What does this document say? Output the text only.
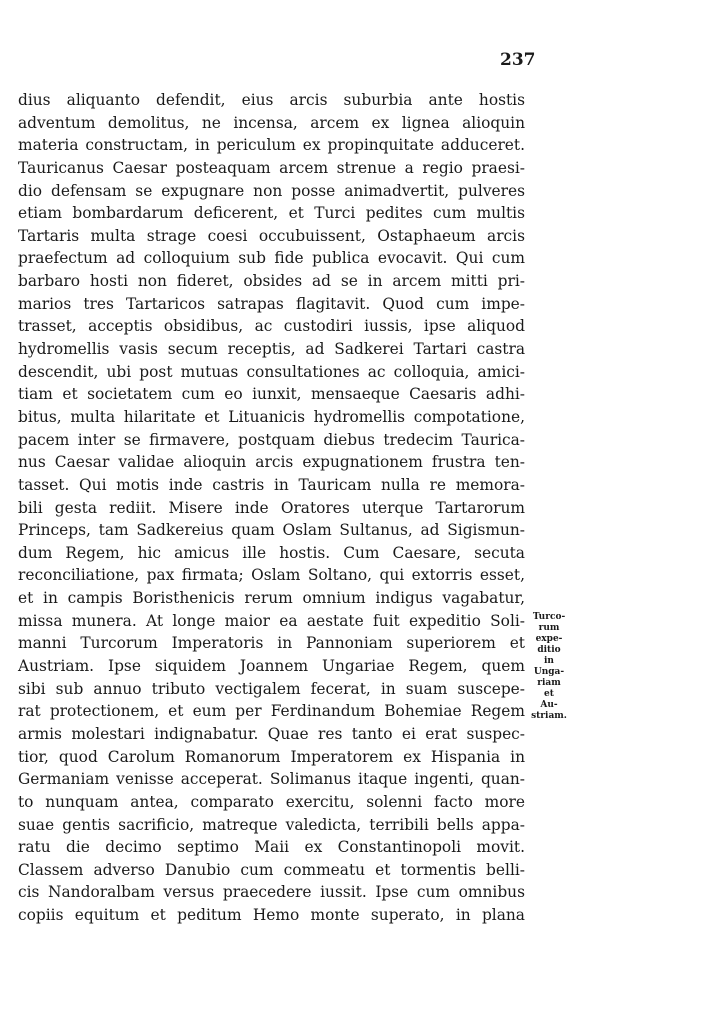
237
dius aliquanto defendit, eius arcis suburbia ante hostis
adventum demolitus, ne incensa, arcem ex lignea alioquin
materia constructam, in periculum ex propinquitate adduceret.
Tauricanus Caesar posteaquam arcem strenue a regio praesi-
dio defensam se expugnare non posse animadvertit, pulveres
etiam bombardarum deficerent, et Turci pedites cum multis
Tartaris multa strage coesi occubuissent, Ostaphaeum arcis
praefectum ad colloquium sub fide publica evocavit. Qui cum
barbaro hosti non fideret, obsides ad se in arcem mitti pri-
marios tres Tartaricos satrapas flagitavit. Quod cum impe-
trasset, acceptis obsidibus, ac custodiri iussis, ipse aliquod
hydromellis vasis secum receptis, ad Sadkerei Tartari castra
descendit, ubi post mutuas consultationes ac colloquia, amici-
tiam et societatem cum eo iunxit, mensaeque Caesaris adhi-
bitus, multa hilaritate et Lituanicis hydromellis compotatione,
pacem inter se firmavere, postquam diebus tredecim Taurica-
nus Caesar validae alioquin arcis expugnationem frustra ten-
tasset. Qui motis inde castris in Tauricam nulla re memora-
bili gesta rediit. Misere inde Oratores uterque Tartarorum
Princeps, tam Sadkereius quam Oslam Sultanus, ad Sigismun-
dum Regem, hic amicus ille hostis. Cum Caesare, secuta
reconciliatione, pax firmata; Oslam Soltano, qui extorris esset,
et in campis Boristhenicis rerum omnium indigus vagabatur,
missa munera. At longe maior ea aestate fuit expeditio Soli-
manni Turcorum Imperatoris in Pannoniam superiorem et
Austriam. Ipse siquidem Joannem Ungariae Regem, quem
sibi sub annuo tributo vectigalem fecerat, in suam suscepe-
rat protectionem, et eum per Ferdinandum Bohemiae Regem
armis molestari indignabatur. Quae res tanto ei erat suspec-
tior, quod Carolum Romanorum Imperatorem ex Hispania in
Germaniam venisse acceperat. Solimanus itaque ingenti, quan-
to nunquam antea, comparato exercitu, solenni facto more
suae gentis sacrificio, matreque valedicta, terribili bells appa-
ratu die decimo septimo Maii ex Constantinopoli movit.
Classem adverso Danubio cum commeatu et tormentis belli-
cis Nandoralbam versus praecedere iussit. Ipse cum omnibus
copiis equitum et peditum Hemo monte superato, in plana
Turco-
rum
expe-
ditio
in
Unga-
riam
et
Au-
striam.
